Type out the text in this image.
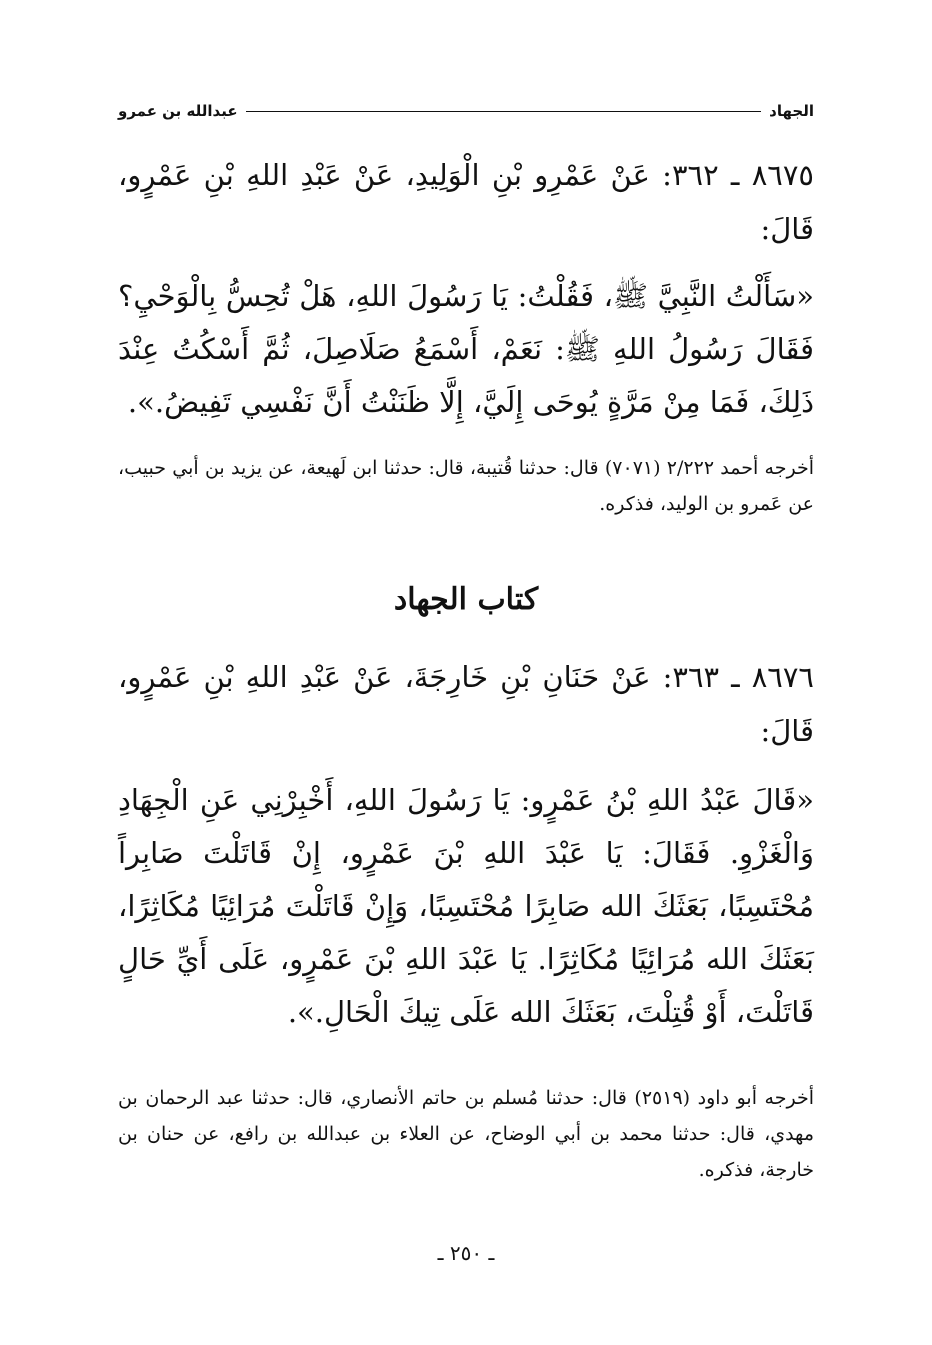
الجهاد
عبدالله بن عمرو
٨٦٧٥ ـ ٣٦٢: عَنْ عَمْرِو بْنِ الْوَلِيدِ، عَنْ عَبْدِ اللهِ بْنِ عَمْرٍو، قَالَ:
«سَأَلْتُ النَّبِيَّ ﷺ، فَقُلْتُ: يَا رَسُولَ اللهِ، هَلْ تُحِسُّ بِالْوَحْيِ؟ فَقَالَ رَسُولُ اللهِ ﷺ: نَعَمْ، أَسْمَعُ صَلَاصِلَ، ثُمَّ أَسْكُتُ عِنْدَ ذَلِكَ، فَمَا مِنْ مَرَّةٍ يُوحَى إِلَيَّ، إِلَّا ظَنَنْتُ أَنَّ نَفْسِي تَفِيضُ.».
أخرجه أحمد ٢/٢٢٢ (٧٠٧١) قال: حدثنا قُتيبة، قال: حدثنا ابن لَهيعة، عن يزيد بن أبي حبيب، عن عَمرو بن الوليد، فذكره.
كتاب الجهاد
٨٦٧٦ ـ ٣٦٣: عَنْ حَنَانِ بْنِ خَارِجَةَ، عَنْ عَبْدِ اللهِ بْنِ عَمْرٍو، قَالَ:
«قَالَ عَبْدُ اللهِ بْنُ عَمْرٍو: يَا رَسُولَ اللهِ، أَخْبِرْنِي عَنِ الْجِهَادِ وَالْغَزْوِ. فَقَالَ: يَا عَبْدَ اللهِ بْنَ عَمْرٍو، إِنْ قَاتَلْتَ صَابِراً مُحْتَسِبًا، بَعَثَكَ الله صَابِرًا مُحْتَسِبًا، وَإِنْ قَاتَلْتَ مُرَائِيًا مُكَاثِرًا، بَعَثَكَ الله مُرَائِيًا مُكَاثِرًا. يَا عَبْدَ اللهِ بْنَ عَمْرٍو، عَلَى أَيِّ حَالٍ قَاتَلْتَ، أَوْ قُتِلْتَ، بَعَثَكَ الله عَلَى تِيكَ الْحَالِ.».
أخرجه أبو داود (٢٥١٩) قال: حدثنا مُسلم بن حاتم الأنصاري، قال: حدثنا عبد الرحمان بن مهدي، قال: حدثنا محمد بن أبي الوضاح، عن العلاء بن عبدالله بن رافع، عن حنان بن خارجة، فذكره.
ـ ٢٥٠ ـ
